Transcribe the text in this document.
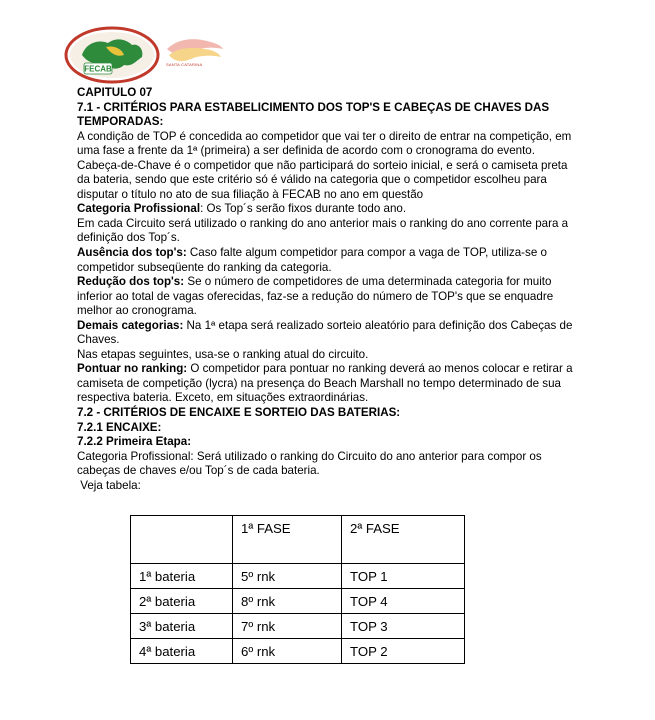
FECAB	SANTA CATARINA

CAPITULO 07

7.1 - CRITÉRIOS PARA ESTABELICIMENTO DOS TOP'S E CABEÇAS DE CHAVES DAS TEMPORADAS:

A condição de TOP é concedida ao competidor que vai ter o direito de entrar na competição, em uma fase a frente da 1ª (primeira) a ser definida de acordo com o cronograma do evento.

Cabeça-de-Chave é o competidor que não participará do sorteio inicial, e será o camiseta preta da bateria, sendo que este critério só é válido na categoria que o competidor escolheu para disputar o título no ato de sua filiação à FECAB no ano em questão

Categoria Profissional: Os Top´s serão fixos durante todo ano.

Em cada Circuito será utilizado o ranking do ano anterior mais o ranking do ano corrente para a definição dos Top´s.

Ausência dos top's: Caso falte algum competidor para compor a vaga de TOP, utiliza-se o competidor subseqüente do ranking da categoria.

Redução dos top's: Se o número de competidores de uma determinada categoria for muito inferior ao total de vagas oferecidas, faz-se a redução do número de TOP's que se enquadre melhor ao cronograma.

Demais categorias: Na 1ª etapa será realizado sorteio aleatório para definição dos Cabeças de Chaves.

Nas etapas seguintes, usa-se o ranking atual do circuito.

Pontuar no ranking: O competidor para pontuar no ranking deverá ao menos colocar e retirar a camiseta de competição (lycra) na presença do Beach Marshall no tempo determinado de sua respectiva bateria. Exceto, em situações extraordinárias.

7.2 - CRITÉRIOS DE ENCAIXE E SORTEIO DAS BATERIAS:

7.2.1 ENCAIXE:

7.2.2 Primeira Etapa:

Categoria Profissional: Será utilizado o ranking do Circuito do ano anterior para compor os cabeças de chaves e/ou Top´s de cada bateria.

Veja tabela:

	1ª FASE	2ª FASE
1ª bateria	5º rnk	TOP 1
2ª bateria	8º rnk	TOP 4
3ª bateria	7º rnk	TOP 3
4ª bateria	6º rnk	TOP 2
